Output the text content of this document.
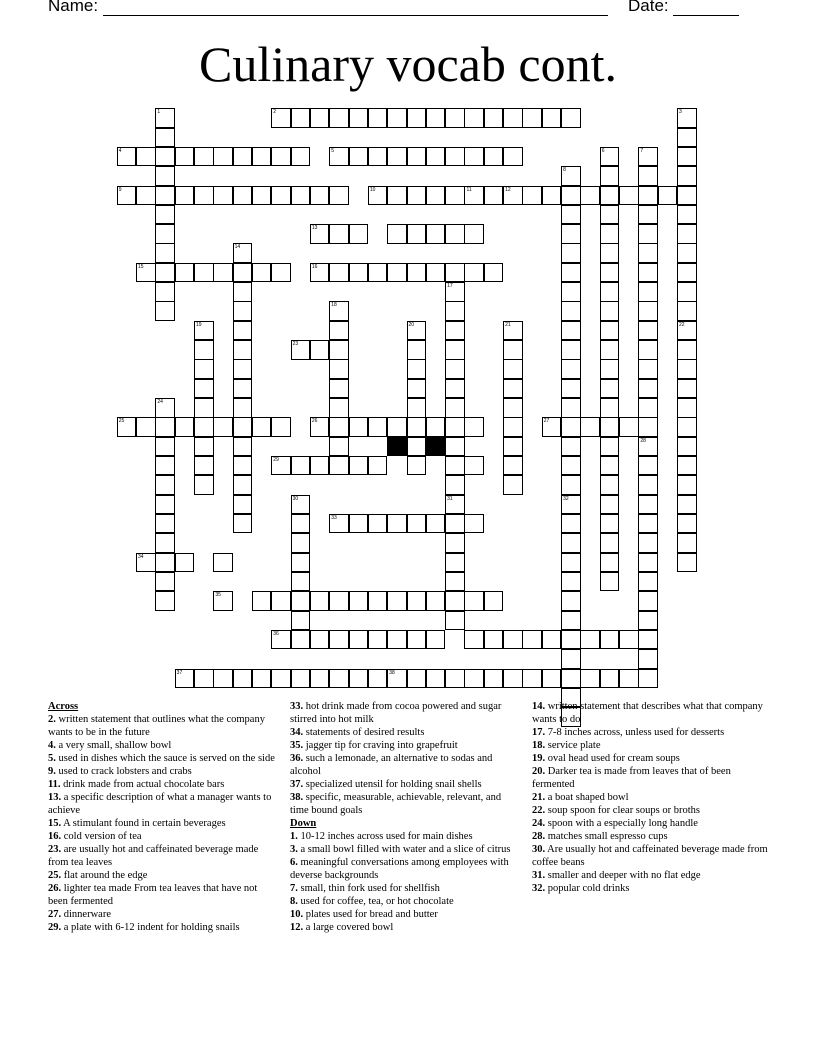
Name:	Date:
Culinary vocab cont.
1	2	3
22
4	5	6	7
28
8
32
9	10	11	12
13
14
15	16
17
31
18
19	20	21
23
24
25	26	27
29
30
33
34
35
36
37	38
Across
2. written statement that outlines what the company wants to be in the future
4. a very small, shallow bowl
5. used in dishes which the sauce is served on the side
9. used to crack lobsters and crabs
11. drink made from actual chocolate bars
13. a specific description of what a manager wants to achieve
15. A stimulant found in certain beverages
16. cold version of tea
23. are usually hot and caffeinated beverage made from tea leaves
25. flat around the edge
26. lighter tea made From tea leaves that have not been fermented
27. dinnerware
29. a plate with 6-12 indent for holding snails
33. hot drink made from cocoa powered and sugar stirred into hot milk
34. statements of desired results
35. jagger tip for craving into grapefruit
36. such a lemonade, an alternative to sodas and alcohol
37. specialized utensil for holding snail shells
38. specific, measurable, achievable, relevant, and time bound goals
Down
1. 10-12 inches across used for main dishes
3. a small bowl filled with water and a slice of citrus
6. meaningful conversations among employees with deverse backgrounds
7. small, thin fork used for shellfish
8. used for coffee, tea, or hot chocolate
10. plates used for bread and butter
12. a large covered bowl
14. written statement that describes what that company wants to do
17. 7-8 inches across, unless used for desserts
18. service plate
19. oval head used for cream soups
20. Darker tea is made from leaves that of been fermented
21. a boat shaped bowl
22. soup spoon for clear soups or broths
24. spoon with a especially long handle
28. matches small espresso cups
30. Are usually hot and caffeinated beverage made from coffee beans
31. smaller and deeper with no flat edge
32. popular cold drinks
